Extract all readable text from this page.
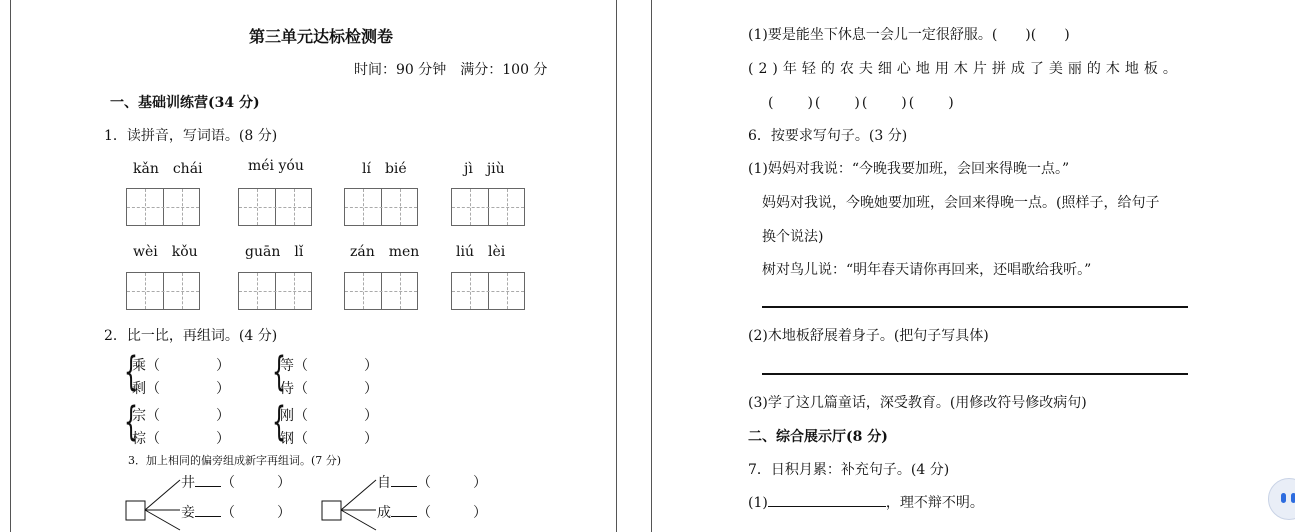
第三单元达标检测卷
时间：90 分钟　满分：100 分
一、基础训练营(34 分)
1．读拼音，写词语。(8 分)
kǎn　chái	méi yóu	lí　bié	jì　jiù
wèi　kǒu	guān　lǐ	zán　men	liú　lèi
2．比一比，再组词。(4 分)
{
乘（　　　　）
剩（　　　　） {
等（　　　　）
侍（　　　　）
{
宗（　　　　）
棕（　　　　） {
刚（　　　　）
钢（　　　　）
3．加上相同的偏旁组成新字再组词。(7 分)
井 （　　　）
妾 （　　　）
自 （　　　）
成 （　　　）
(1)要是能坐下休息一会儿一定很舒服。(　　)(　　)
(2)年轻的农夫细心地用木片拼成了美丽的木地板。
(　　)(　　)(　　)(　　)
6．按要求写句子。(3 分)
(1)妈妈对我说：“今晚我要加班，会回来得晚一点。”
妈妈对我说，今晚她要加班，会回来得晚一点。(照样子，给句子
换个说法)
树对鸟儿说：“明年春天请你再回来，还唱歌给我听。”
(2)木地板舒展着身子。(把句子写具体)
(3)学了这几篇童话，深受教育。(用修改符号修改病句)
二、综合展示厅(8 分)
7．日积月累：补充句子。(4 分)
(1)	，理不辩不明。
